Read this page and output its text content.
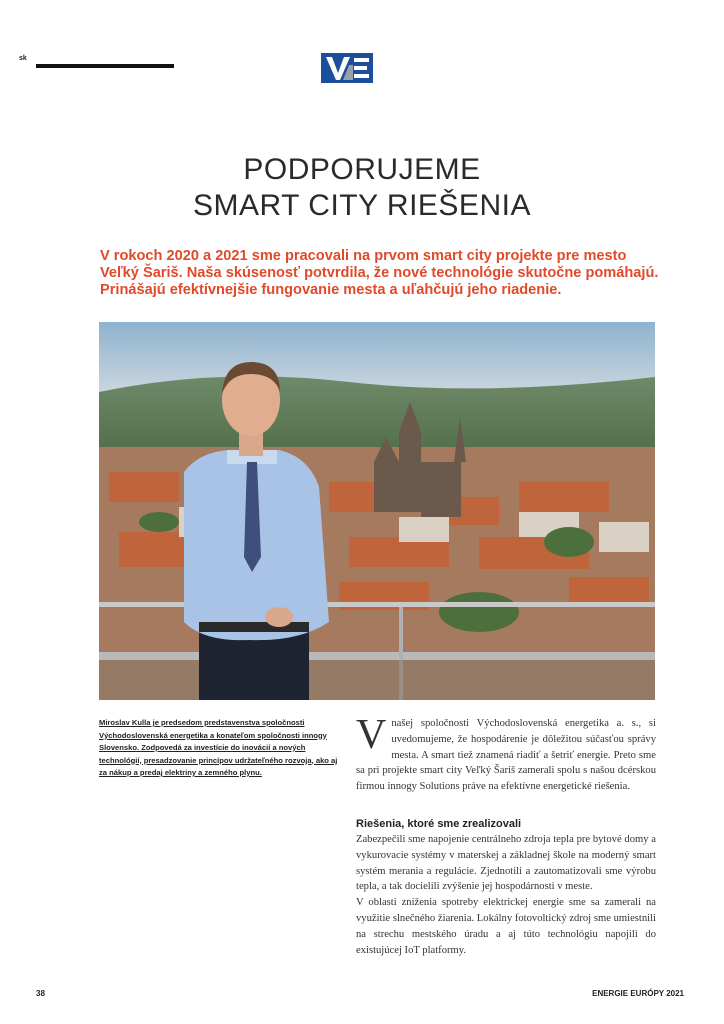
sk
PODPORUJEME
SMART CITY RIEŠENIA
V rokoch 2020 a 2021 sme pracovali na prvom smart city projekte pre mesto Veľký Šariš. Naša skúsenosť potvrdila, že nové technológie skutočne pomáhajú. Prinášajú efektívnejšie fungovanie mesta a uľahčujú jeho riadenie.
Miroslav Kulla je predsedom predstavenstva spoločnosti Východoslovenská energetika a konateľom spoločnosti innogy Slovensko. Zodpovedá za investície do inovácií a nových technológií, presadzovanie princípov udržateľného rozvoja, ako aj za nákup a predaj elektriny a zemného plynu.

Vnašej spoločnosti Východoslovenská energetika a. s., si uvedomujeme, že hospodárenie je dôležitou súčasťou správy mesta. A smart tiež znamená riadiť a šetriť energie. Preto sme sa pri projekte smart city Veľký Šariš zamerali spolu s našou dcérskou firmou innogy Solutions práve na efektívne energetické riešenia.

Riešenia, ktoré sme zrealizovali

Zabezpečili sme napojenie centrálneho zdroja tepla pre bytové domy a vykurovacie systémy v materskej a základnej škole na moderný smart systém merania a regulácie. Zjednotili a zautomatizovali sme výrobu tepla, a tak docielili zvýšenie jej hospodárnosti v meste.

V oblasti zníženia spotreby elektrickej energie sme sa zamerali na využitie slnečného žiarenia. Lokálny fotovoltický zdroj sme umiestnili na strechu mestského úradu a aj túto technológiu napojili do existujúcej IoT platformy.

38	ENERGIE EURÓPY 2021
